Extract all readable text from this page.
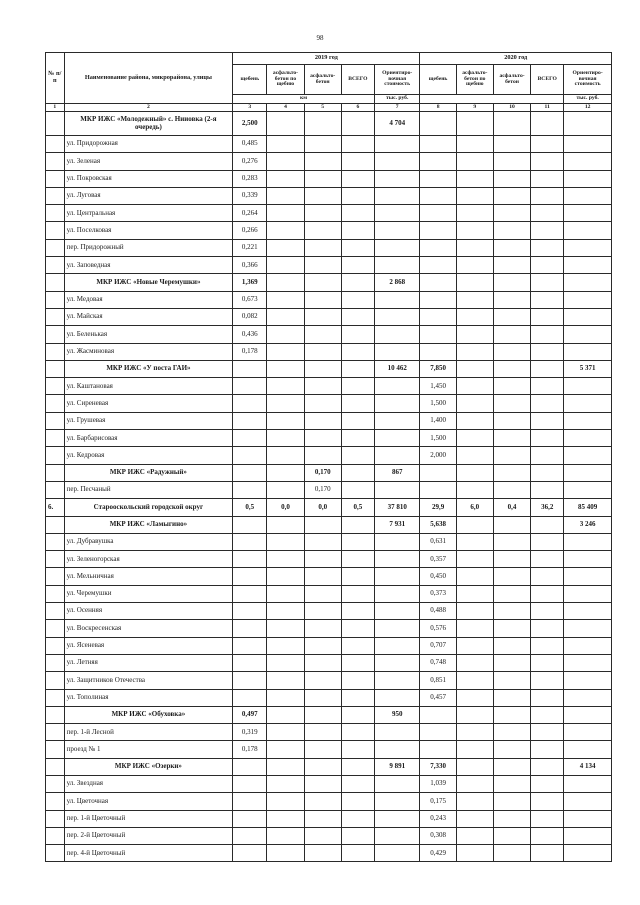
98
№ п/п	Наименование района, микрорайона, улицы	2019 год					2020 год				
		щебень	асфальто-бетон по щебню	асфальто-бетон	ВСЕГО	Ориентиро-вочная стоимость	щебень	асфальто-бетон по щебню	асфальто-бетон	ВСЕГО	Ориентиро-вочная стоимость
		км				тыс. руб.					тыс. руб.
1	2	3	4	5	6	7	8	9	10	11	12
	МКР ИЖС «Молодежный» с. Нииовка (2-я очередь)	2,500				4 704					
	ул. Придорожная	0,485									
	ул. Зеленая	0,276									
	ул. Покровская	0,283									
	ул. Луговая	0,339									
	ул. Центральная	0,264									
	ул. Поселковая	0,266									
	пер. Придорожный	0,221									
	ул. Заповедная	0,366									
	МКР ИЖС «Новые Черемушки»	1,369				2 868					
	ул. Медовая	0,673									
	ул. Майская	0,082									
	ул. Беленькая	0,436									
	ул. Жасминовая	0,178									
	МКР ИЖС «У поста ГАИ»					10 462	7,850				5 371
	ул. Каштановая						1,450				
	ул. Сиреневая						1,500				
	ул. Грушевая						1,400				
	ул. Барбарисовая						1,500				
	ул. Кедровая						2,000				
	МКР ИЖС «Радужный»			0,170		867					
	пер. Песчаный			0,170							
6.	Старооскольский городской округ	0,5	0,0	0,0	0,5	37 810	29,9	6,0	0,4	36,2	85 409
	МКР ИЖС «Ламыгино»					7 931	5,638				3 246
	ул. Дубравушка						0,631				
	ул. Зеленогорская						0,357				
	ул. Мельничная						0,450				
	ул. Черемушки						0,373				
	ул. Осенняя						0,488				
	ул. Воскресенская						0,576				
	ул. Ясеневая						0,707				
	ул. Летняя						0,748				
	ул. Защитников Отечества						0,851				
	ул. Тополиная						0,457				
	МКР ИЖС «Обуховка»	0,497				950					
	пер. 1-й Лесной	0,319									
	проезд № 1	0,178									
	МКР ИЖС «Озерки»					9 891	7,330				4 134
	ул. Звездная						1,039				
	ул. Цветочная						0,175				
	пер. 1-й Цветочный						0,243				
	пер. 2-й Цветочный						0,308				
	пер. 4-й Цветочный						0,429				
